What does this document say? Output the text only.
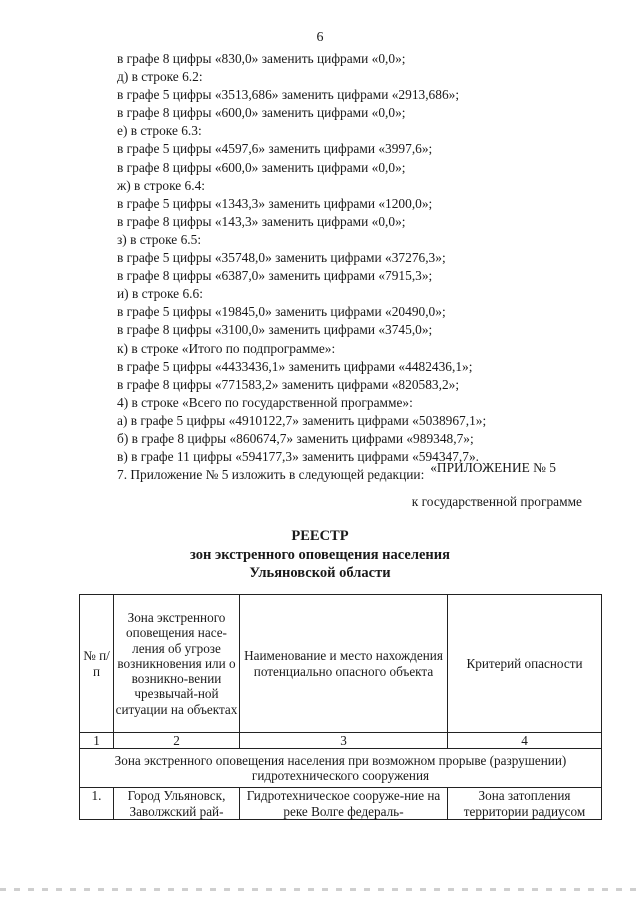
6
в графе 8 цифры «830,0» заменить цифрами «0,0»;
д) в строке 6.2:
в графе 5 цифры «3513,686» заменить цифрами «2913,686»;
в графе 8 цифры «600,0» заменить цифрами «0,0»;
е) в строке 6.3:
в графе 5 цифры «4597,6» заменить цифрами «3997,6»;
в графе 8 цифры «600,0» заменить цифрами «0,0»;
ж) в строке 6.4:
в графе 5 цифры «1343,3» заменить цифрами «1200,0»;
в графе 8 цифры «143,3» заменить цифрами «0,0»;
з) в строке 6.5:
в графе 5 цифры «35748,0» заменить цифрами «37276,3»;
в графе 8 цифры «6387,0» заменить цифрами «7915,3»;
и) в строке 6.6:
в графе 5 цифры «19845,0» заменить цифрами «20490,0»;
в графе 8 цифры «3100,0» заменить цифрами «3745,0»;
к) в строке «Итого по подпрограмме»:
в графе 5 цифры «4433436,1» заменить цифрами «4482436,1»;
в графе 8 цифры «771583,2» заменить цифрами «820583,2»;
4) в строке «Всего по государственной программе»:
а) в графе 5 цифры «4910122,7» заменить цифрами «5038967,1»;
б) в графе 8 цифры «860674,7» заменить цифрами «989348,7»;
в) в графе 11 цифры «594177,3» заменить цифрами «594347,7».
7. Приложение № 5 изложить в следующей редакции: «ПРИЛОЖЕНИЕ № 5
к государственной программе
РЕЕСТР
зон экстренного оповещения населения
Ульяновской области
№ п/п	Зона экстренного оповещения насе-ления об угрозе возникновения или о возникно-вении чрезвычай-ной ситуации на объектах	Наименование и место нахождения потенциально опасного объекта	Критерий опасности
1	2	3	4
Зона экстренного оповещения населения при возможном прорыве (разрушении) гидротехнического сооружения			
1.	Город Ульяновск, Заволжский рай-	Гидротехническое сооруже-ние на реке Волге федераль-	Зона затопления территории радиусом
